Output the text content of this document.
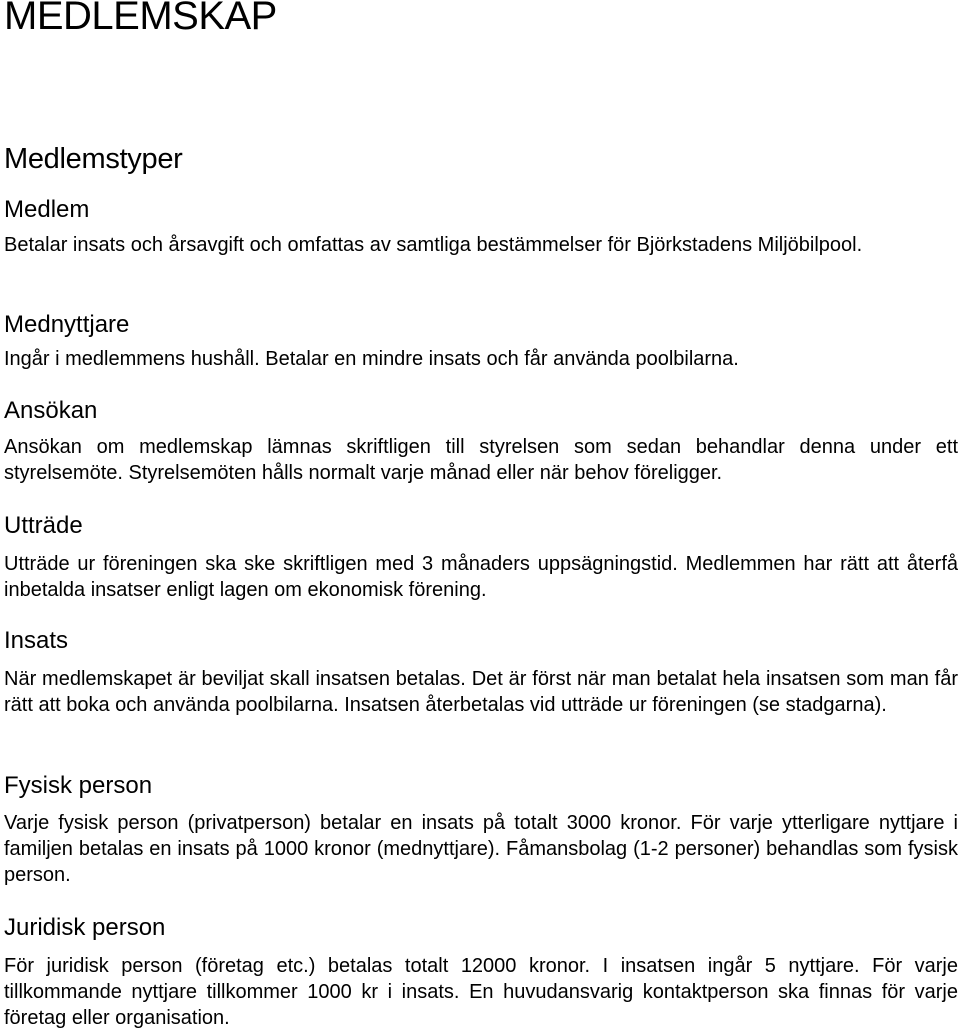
MEDLEMSKAP
Medlemstyper
Medlem

Betalar insats och årsavgift och omfattas av samtliga bestämmelser för Björkstadens Miljöbilpool.

Mednyttjare

Ingår i medlemmens hushåll. Betalar en mindre insats och får använda poolbilarna.

Ansökan

Ansökan om medlemskap lämnas skriftligen till styrelsen som sedan behandlar denna under ett styrelsemöte. Styrelsemöten hålls normalt varje månad eller när behov föreligger.

Utträde

Utträde ur föreningen ska ske skriftligen med 3 månaders uppsägningstid. Medlemmen har rätt att återfå inbetalda insatser enligt lagen om ekonomisk förening.

Insats

När medlemskapet är beviljat skall insatsen betalas. Det är först när man betalat hela insatsen som man får rätt att boka och använda poolbilarna. Insatsen återbetalas vid utträde ur föreningen (se stadgarna).

Fysisk person

Varje fysisk person (privatperson) betalar en insats på totalt 3000 kronor. För varje ytterligare nyttjare i familjen betalas en insats på 1000 kronor (mednyttjare). Fåmansbolag (1-2 personer) behandlas som fysisk person.

Juridisk person

För juridisk person (företag etc.) betalas totalt 12000 kronor. I insatsen ingår 5 nyttjare. För varje tillkommande nyttjare tillkommer 1000 kr i insats. En huvudansvarig kontaktperson ska finnas för varje företag eller organisation.
